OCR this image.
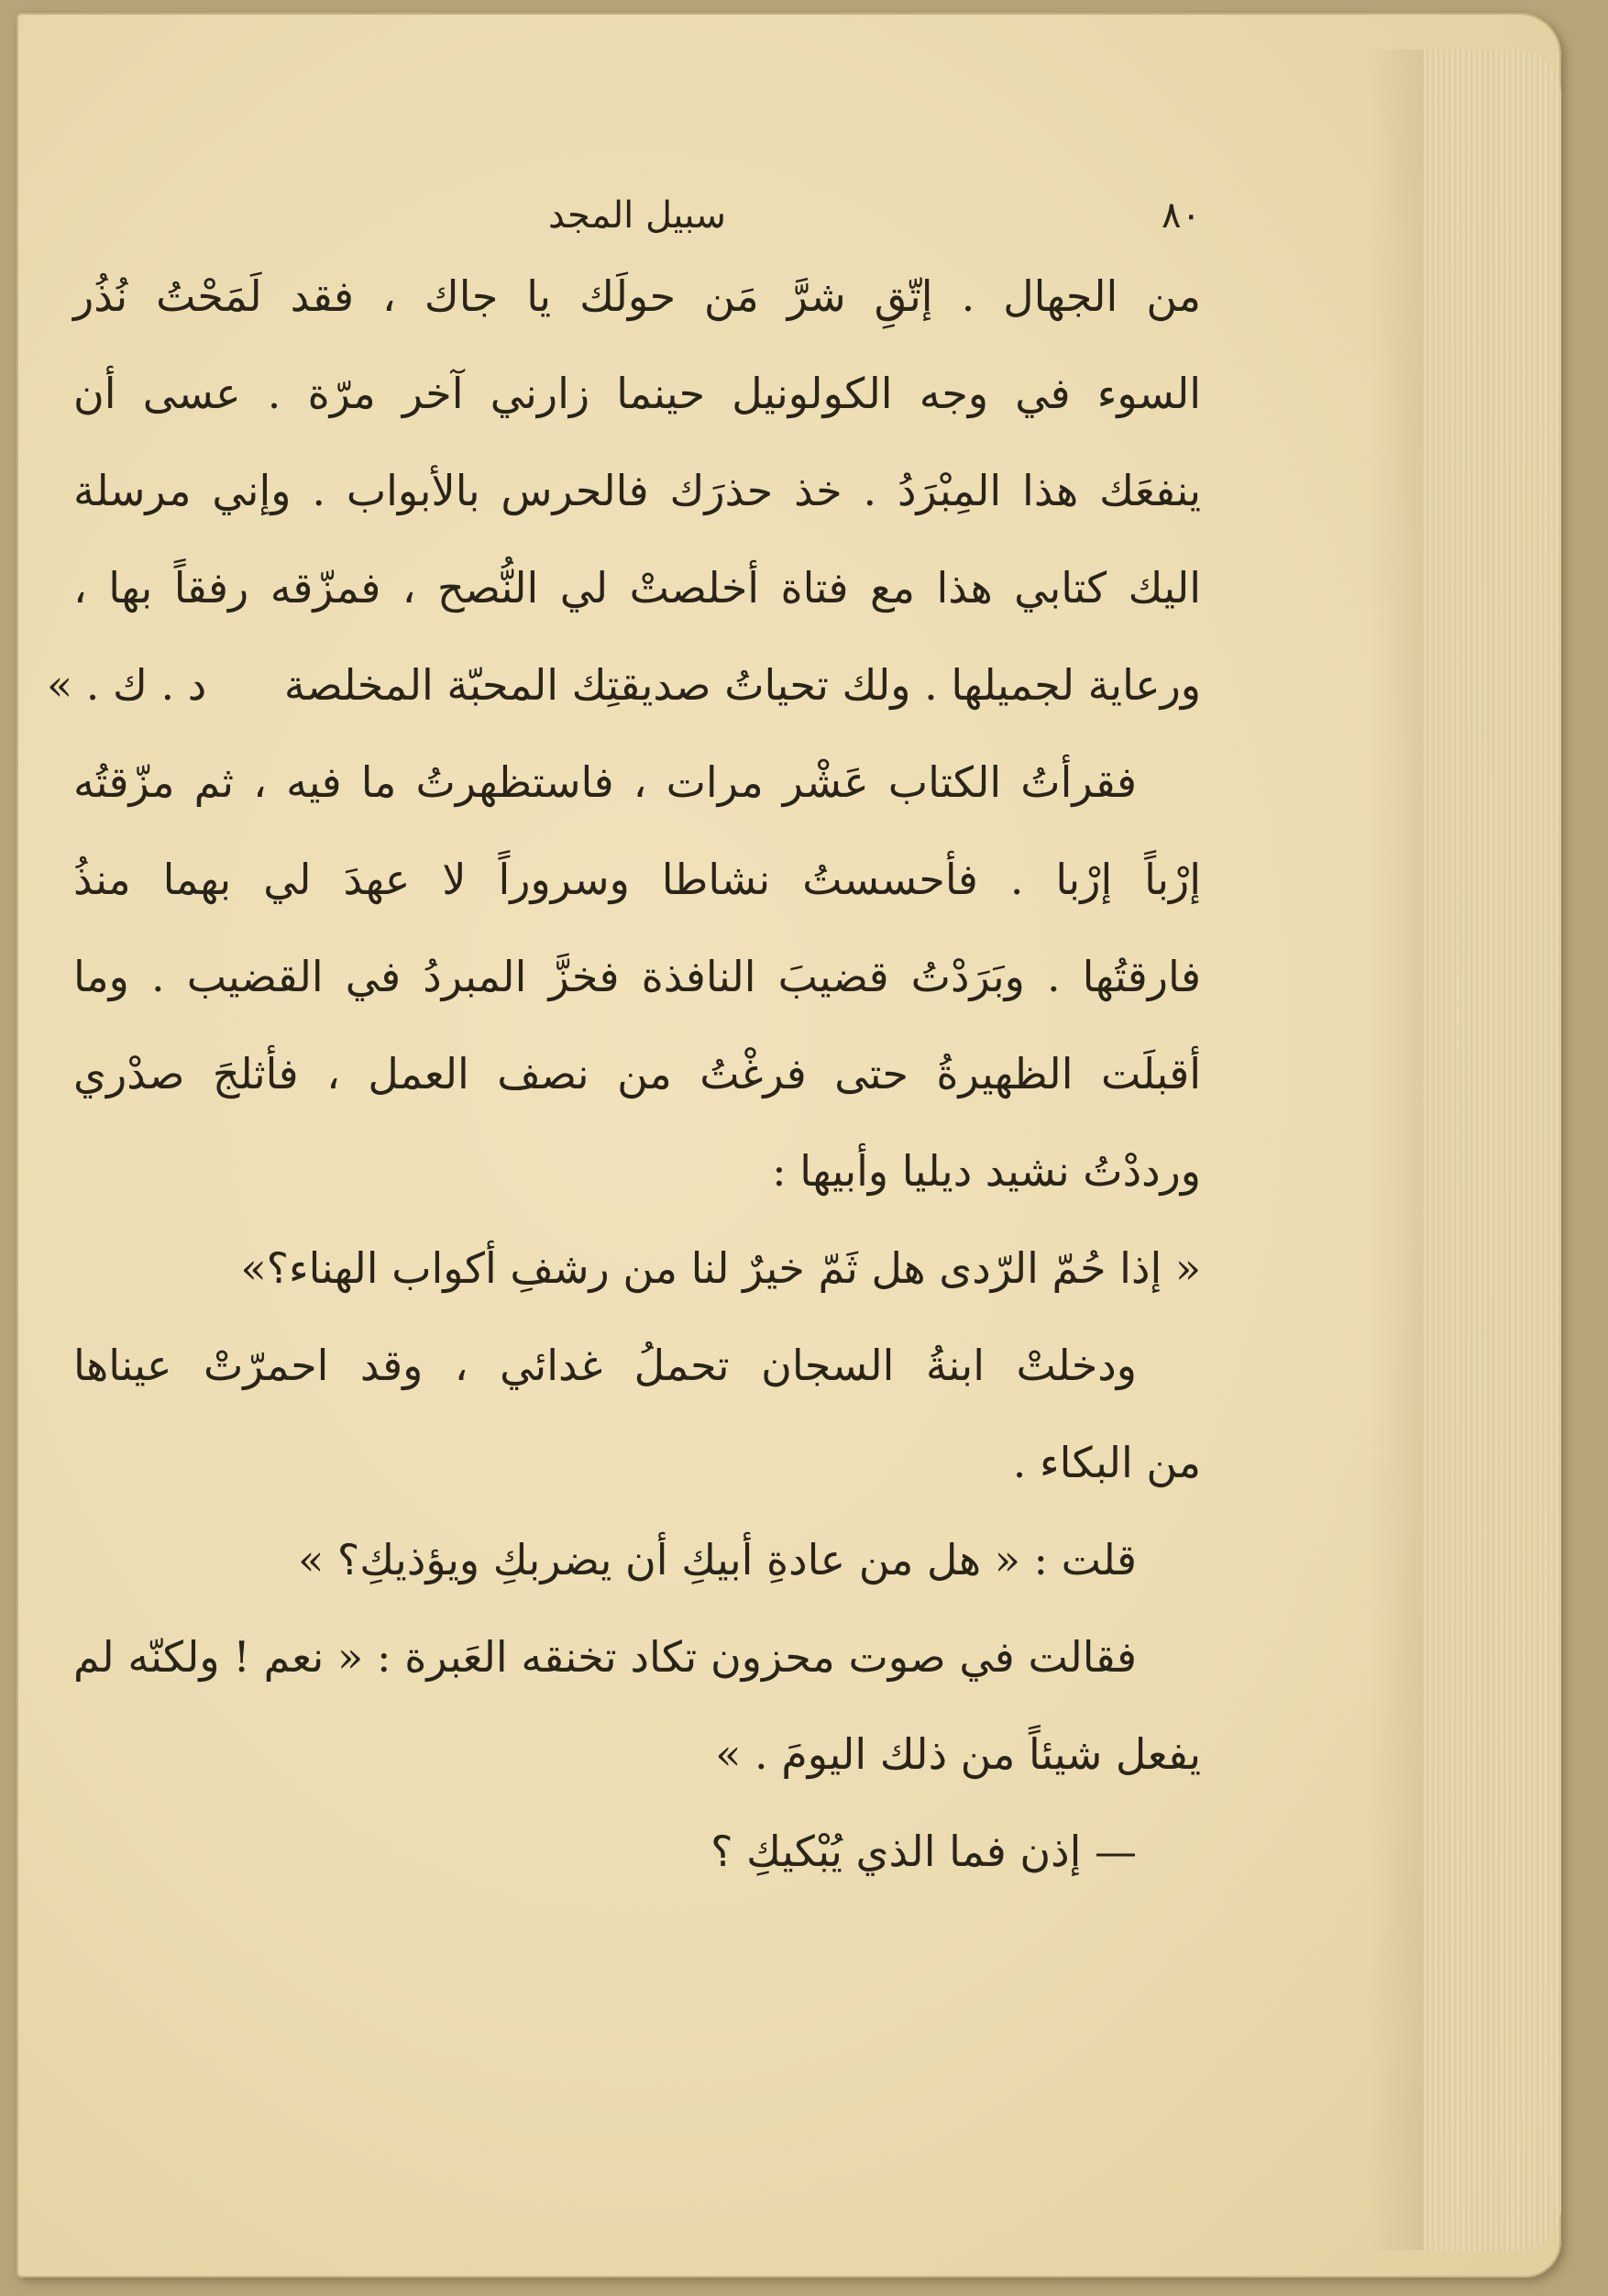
٨٠
سبيل المجد
من الجهال . إتّقِ شرَّ مَن حولَك يا جاك ، فقد لَمَحْتُ نُذُر
السوء في وجه الكولونيل حينما زارني آخر مرّة . عسى أن
ينفعَك هذا المِبْرَدُ . خذ حذرَك فالحرس بالأبواب . وإني مرسلة
اليك كتابي هذا مع فتاة أخلصتْ لي النُّصح ، فمزّقه رفقاً بها ،
ورعاية لجميلها . ولك تحياتُ صديقتِك المحبّة المخلصة د . ك . »
فقرأتُ الكتاب عَشْر مرات ، فاستظهرتُ ما فيه ، ثم مزّقتُه
إرْباً إرْبا . فأحسستُ نشاطا وسروراً لا عهدَ لي بهما منذُ
فارقتُها . وبَرَدْتُ قضيبَ النافذة فخزَّ المبردُ في القضيب . وما
أقبلَت الظهيرةُ حتى فرغْتُ من نصف العمل ، فأثلجَ صدْري
ورددْتُ نشيد ديليا وأبيها :
« إذا حُمّ الرّدى هل ثَمّ خيرٌ لنا من رشفِ أكواب الهناء؟»
ودخلتْ ابنةُ السجان تحملُ غدائي ، وقد احمرّتْ عيناها
من البكاء .
قلت : « هل من عادةِ أبيكِ أن يضربكِ ويؤذيكِ؟ »
فقالت في صوت محزون تكاد تخنقه العَبرة : « نعم ! ولكنّه لم
يفعل شيئاً من ذلك اليومَ . »
— إذن فما الذي يُبْكيكِ ؟
